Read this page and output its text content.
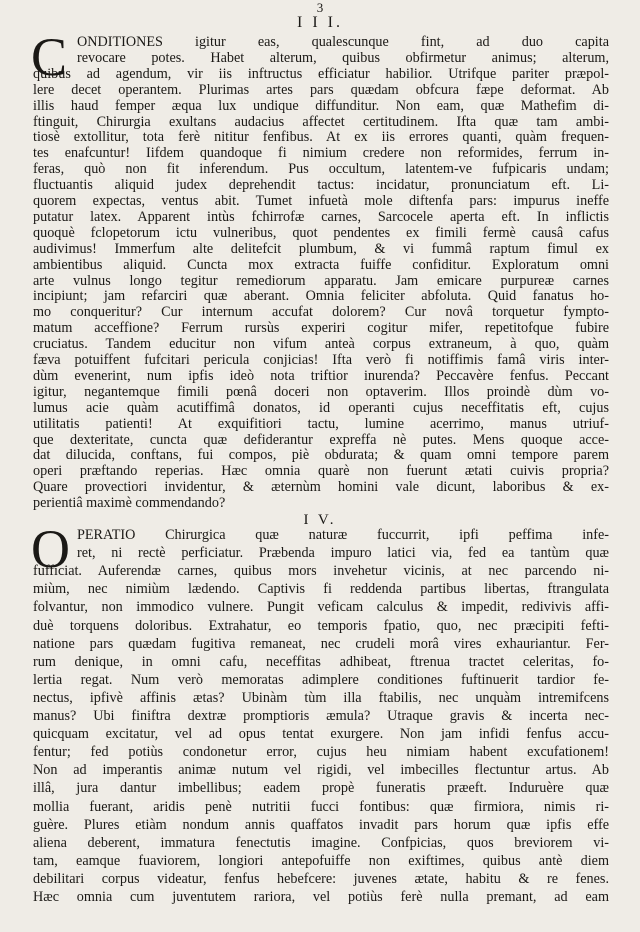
3
I I I.
C ONDITIONES igitur eas, qualescunque fint, ad duo capita
revocare potes. Habet alterum, quibus obfirmetur animus; alterum,
quibus ad agendum, vir iis inftructus efficiatur habilior. Utrifque pariter præpol-
lere decet operantem. Plurimas artes pars quædam obfcura fæpe deformat. Ab
illis haud femper æqua lux undique diffunditur. Non eam, quæ Mathefim di-
ftinguit, Chirurgia exultans audacius affectet certitudinem. Ifta quæ tam ambi-
tiosè extollitur, tota ferè nititur fenfibus. At ex iis errores quanti, quàm frequen-
tes enafcuntur! Iifdem quandoque fi nimium credere non reformides, ferrum in-
feras, quò non fit inferendum. Pus occultum, latentem-ve fufpicaris undam;
fluctuantis aliquid judex deprehendit tactus: incidatur, pronunciatum eft. Li-
quorem expectas, ventus abit. Tumet infuetà mole diftenfa pars: impurus ineffe
putatur latex. Apparent intùs fchirrofæ carnes, Sarcocele aperta eft. In inflictis
quoquè fclopetorum ictu vulneribus, quot pendentes ex fimili fermè causâ cafus
audivimus! Immerfum alte delitefcit plumbum, & vi fummâ raptum fimul ex
ambientibus aliquid. Cuncta mox extracta fuiffe confiditur. Exploratum omni
arte vulnus longo tegitur remediorum apparatu. Jam emicare purpureæ carnes
incipiunt; jam refarciri quæ aberant. Omnia feliciter abfoluta. Quid fanatus ho-
mo conqueritur? Cur internum accufat dolorem? Cur novâ torquetur fympto-
matum acceffione? Ferrum rursùs experiri cogitur mifer, repetitofque fubire
cruciatus. Tandem educitur non vifum anteà corpus extraneum, à quo, quàm
fæva potuiffent fufcitari pericula conjicias! Ifta verò fi notiffimis famâ viris inter-
dùm evenerint, num ipfis ideò nota triftior inurenda? Peccavère fenfus. Peccant
igitur, negantemque fimili pœnâ doceri non optaverim. Illos proindè dùm vo-
lumus acie quàm acutiffimâ donatos, id operanti cujus neceffitatis eft, cujus
utilitatis patienti! At exquifitiori tactu, lumine acerrimo, manus utriuf-
que dexteritate, cuncta quæ defiderantur expreffa nè putes. Mens quoque acce-
dat dilucida, conftans, fui compos, piè obdurata; & quam omni tempore parem
operi præftando reperias. Hæc omnia quarè non fuerunt ætati cuivis propria?
Quare provectiori invidentur, & æternùm homini vale dicunt, laboribus & ex-
perientiâ maximè commendando?
I V.
O PERATIO Chirurgica quæ naturæ fuccurrit, ipfi peffima infe-
ret, ni rectè perficiatur. Præbenda impuro latici via, fed ea tantùm quæ
fufficiat. Auferendæ carnes, quibus mors invehetur vicinis, at nec parcendo ni-
miùm, nec nimiùm lædendo. Captivis fi reddenda partibus libertas, ftrangulata
folvantur, non immodico vulnere. Pungit veficam calculus & impedit, redivivis affi-
duè torquens doloribus. Extrahatur, eo temporis fpatio, quo, nec præcipiti fefti-
natione pars quædam fugitiva remaneat, nec crudeli morâ vires exhauriantur. Fer-
rum denique, in omni cafu, neceffitas adhibeat, ftrenua tractet celeritas, fo-
lertia regat. Num verò memoratas adimplere conditiones fuftinuerit tardior fe-
nectus, ipfivè affinis ætas? Ubinàm tùm illa ftabilis, nec unquàm intremifcens
manus? Ubi finiftra dextræ promptioris æmula? Utraque gravis & incerta nec-
quicquam excitatur, vel ad opus tentat exurgere. Non jam infidi fenfus accu-
fentur; fed potiùs condonetur error, cujus heu nimiam habent excufationem!
Non ad imperantis animæ nutum vel rigidi, vel imbecilles flectuntur artus. Ab
illâ, jura dantur imbellibus; eadem propè funeratis præeft. Induruère quæ
mollia fuerant, aridis penè nutritii fucci fontibus: quæ firmiora, nimis ri-
guère. Plures etiàm nondum annis quaffatos invadit pars horum quæ ipfis effe
aliena deberent, immatura fenectutis imagine. Confpicias, quos breviorem vi-
tam, eamque fuaviorem, longiori antepofuiffe non exiftimes, quibus antè diem
debilitari corpus videatur, fenfus hebefcere: juvenes ætate, habitu & re fenes.
Hæc omnia cum juventutem rariora, vel potiùs ferè nulla premant, ad eam
